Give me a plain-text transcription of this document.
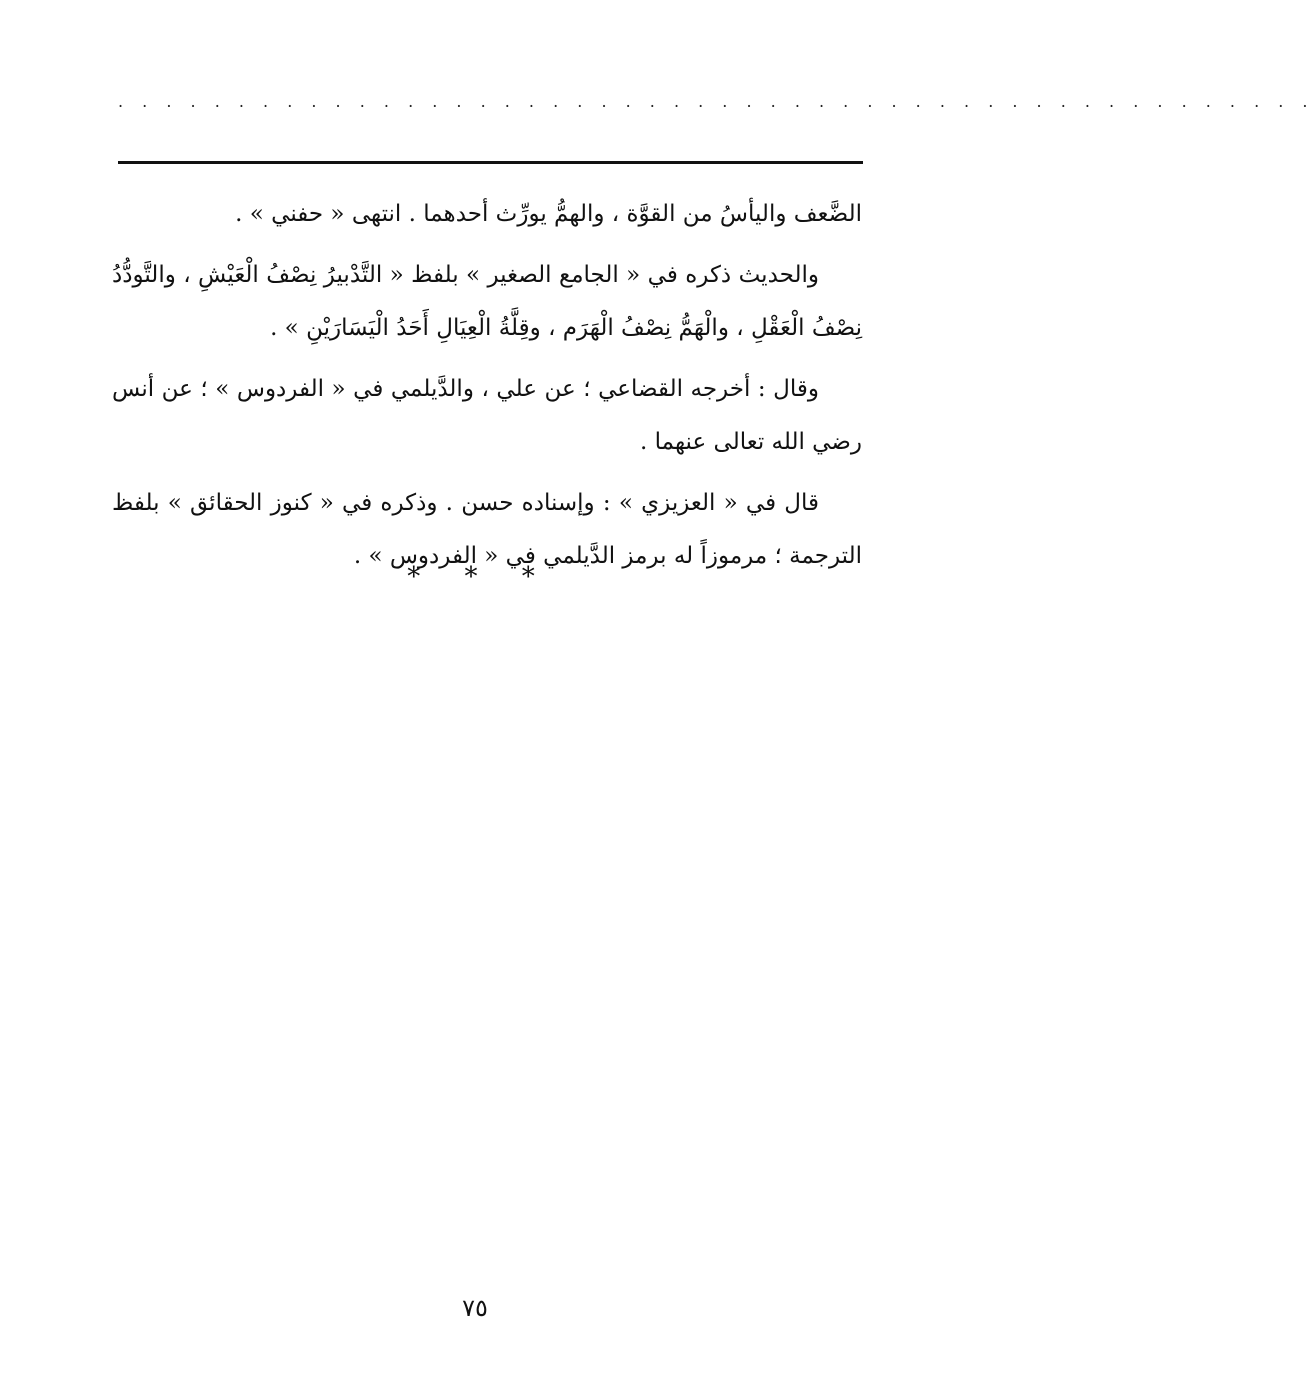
. . . . . . . . . . . . . . . . . . . . . . . . . . . . . . . . . . . . . . . . . . . . . . . . . .

الضَّعف واليأسُ من القوَّة ، والهمُّ يورِّث أحدهما . انتهى « حفني » .

والحديث ذكره في « الجامع الصغير » بلفظ « التَّدْبيرُ نِصْفُ الْعَيْشِ ، والتَّودُّدُ نِصْفُ الْعَقْلِ ، والْهَمُّ نِصْفُ الْهَرَم ، وقِلَّةُ الْعِيَالِ أَحَدُ الْيَسَارَيْنِ » .

وقال : أخرجه القضاعي ؛ عن علي ، والدَّيلمي في « الفردوس » ؛ عن أنس رضي الله تعالى عنهما .

قال في « العزيزي » : وإسناده حسن . وذكره في « كنوز الحقائق » بلفظ الترجمة ؛ مرموزاً له برمز الدَّيلمي في « الفردوس » .

* * *
٧٥
